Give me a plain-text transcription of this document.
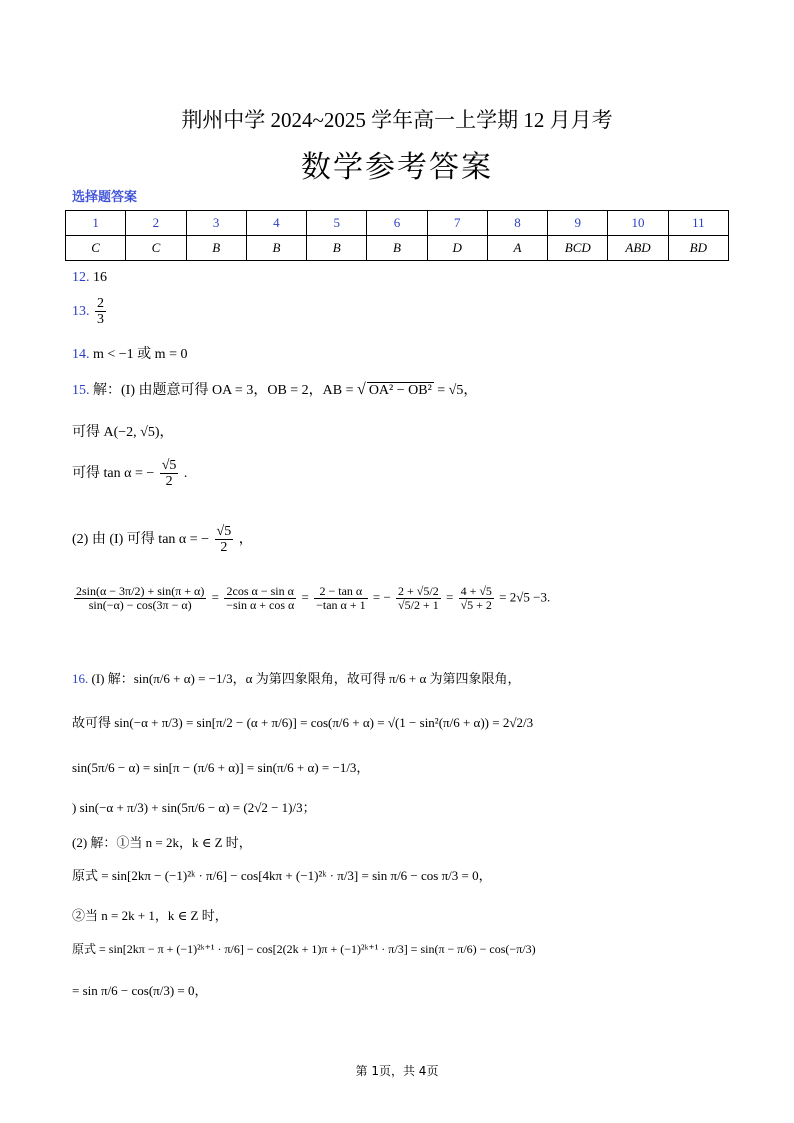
荆州中学 2024~2025 学年高一上学期 12 月月考
数学参考答案
选择题答案
1	2	3	4	5	6	7	8	9	10	11
C	C	B	B	B	B	D	A	BCD	ABD	BD
12. 16
13. $\frac{2}{3}$
14. m < −1 或 m = 0
15. 解：(I) 由题意可得 OA = 3，OB = 2，AB = √ OA² − OB² = √5，
可得 A(−2, √5)，
可得 tan α = − $\frac{√5}{2}$ .
(2) 由 (I) 可得 tan α = − $\frac{√5}{2}$ ，
$\frac{2\sin(\alpha - 3\pi/2) + \sin(\pi + \alpha)}{\sin(-\alpha) - \cos(3\pi - \alpha)} = \frac{\text{2cos α − sin α}}{\text{−sin α + cos α}} = \frac{\text{2 − tan α}}{\text{−tan α + 1}}$ = − $\frac{2 + √5/2}{√5/2 + 1} = \frac{4 + √5}{√5 + 2} = 2√5 -3$.
16. (I) 解：sin(π/6 + α) = −1/3，α 为第四象限角，故可得 π/6 + α 为第四象限角，
故可得 sin(−α + π/3) = sin[π/2 − (α + π/6)] = cos(π/6 + α) = √(1 − sin²(π/6 + α)) = 2√2/3
sin(5π/6 − α) = sin[π − (π/6 + α)] = sin(π/6 + α) = −1/3，
) sin(−α + π/3) + sin(5π/6 − α) = (2√2 − 1)/3；
(2) 解：①当 n = 2k，k ∈ Z 时，
原式 = sin[2kπ − (−1)²ᵏ · π/6] − cos[4kπ + (−1)²ᵏ · π/3] = sin π/6 − cos π/3 = 0，
②当 n = 2k + 1，k ∈ Z 时，
原式 = sin[2kπ − π + (−1)²ᵏ⁺¹ · π/6] − cos[2(2k + 1)π + (−1)²ᵏ⁺¹ · π/3] = sin(π − π/6) − cos(−π/3)
= sin π/6 − cos(π/3) = 0，
第 1页，共 4页
